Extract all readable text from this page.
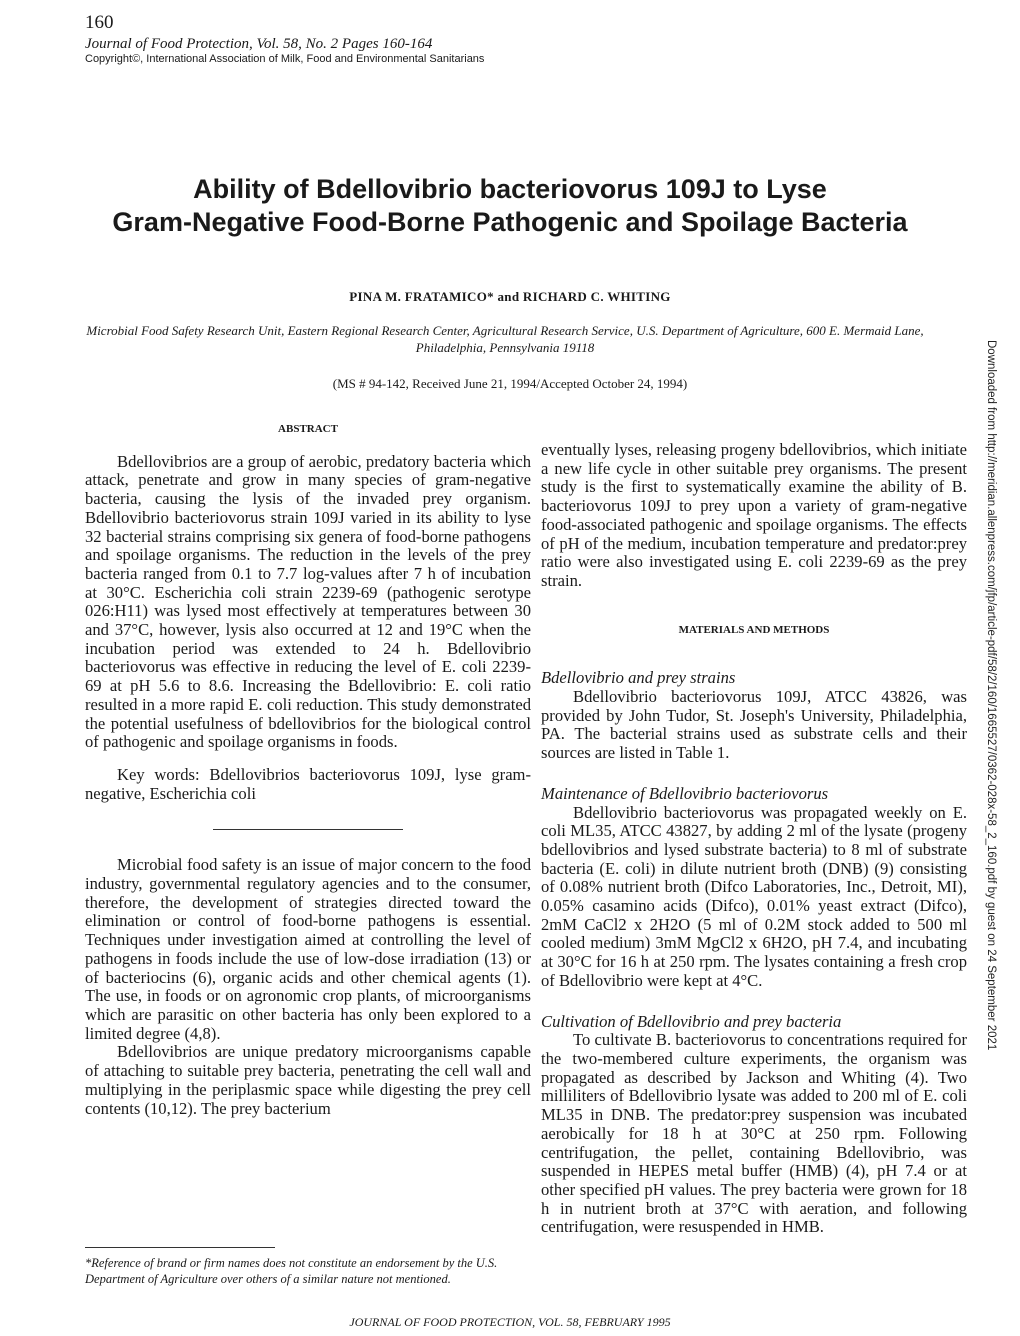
160
Journal of Food Protection, Vol. 58, No. 2 Pages 160-164
Copyright©, International Association of Milk, Food and Environmental Sanitarians
Ability of Bdellovibrio bacteriovorus 109J to Lyse
Gram-Negative Food-Borne Pathogenic and Spoilage Bacteria
PINA M. FRATAMICO* and RICHARD C. WHITING
Microbial Food Safety Research Unit, Eastern Regional Research Center, Agricultural Research Service, U.S. Department of Agriculture, 600 E. Mermaid Lane, Philadelphia, Pennsylvania 19118
(MS # 94-142, Received June 21, 1994/Accepted October 24, 1994)	Downloaded from http://meridian.allenpress.com/jfp/article-pdf/58/2/160/1665527/0362-028x-58_2_160.pdf by guest on 24 September 2021
ABSTRACT

Bdellovibrios are a group of aerobic, predatory bacteria which attack, penetrate and grow in many species of gram-negative bacteria, causing the lysis of the invaded prey organism. Bdellovibrio bacteriovorus strain 109J varied in its ability to lyse 32 bacterial strains comprising six genera of food-borne pathogens and spoilage organisms. The reduction in the levels of the prey bacteria ranged from 0.1 to 7.7 log-values after 7 h of incubation at 30°C. Escherichia coli strain 2239-69 (pathogenic serotype 026:H11) was lysed most effectively at temperatures between 30 and 37°C, however, lysis also occurred at 12 and 19°C when the incubation period was extended to 24 h. Bdellovibrio bacteriovorus was effective in reducing the level of E. coli 2239-69 at pH 5.6 to 8.6. Increasing the Bdellovibrio: E. coli ratio resulted in a more rapid E. coli reduction. This study demonstrated the potential usefulness of bdellovibrios for the biological control of pathogenic and spoilage organisms in foods.

Key words: Bdellovibrios bacteriovorus 109J, lyse gram-negative, Escherichia coli

Microbial food safety is an issue of major concern to the food industry, governmental regulatory agencies and to the consumer, therefore, the development of strategies directed toward the elimination or control of food-borne pathogens is essential. Techniques under investigation aimed at controlling the level of pathogens in foods include the use of low-dose irradiation (13) or of bacteriocins (6), organic acids and other chemical agents (1). The use, in foods or on agronomic crop plants, of microorganisms which are parasitic on other bacteria has only been explored to a limited degree (4,8).

Bdellovibrios are unique predatory microorganisms capable of attaching to suitable prey bacteria, penetrating the cell wall and multiplying in the periplasmic space while digesting the prey cell contents (10,12). The prey bacterium

*Reference of brand or firm names does not constitute an endorsement by the U.S. Department of Agriculture over others of a similar nature not mentioned.

eventually lyses, releasing progeny bdellovibrios, which initiate a new life cycle in other suitable prey organisms. The present study is the first to systematically examine the ability of B. bacteriovorus 109J to prey upon a variety of gram-negative food-associated pathogenic and spoilage organisms. The effects of pH of the medium, incubation temperature and predator:prey ratio were also investigated using E. coli 2239-69 as the prey strain.

MATERIALS AND METHODS
Bdellovibrio and prey strains

Bdellovibrio bacteriovorus 109J, ATCC 43826, was provided by John Tudor, St. Joseph's University, Philadelphia, PA. The bacterial strains used as substrate cells and their sources are listed in Table 1.

Maintenance of Bdellovibrio bacteriovorus

Bdellovibrio bacteriovorus was propagated weekly on E. coli ML35, ATCC 43827, by adding 2 ml of the lysate (progeny bdellovibrios and lysed substrate bacteria) to 8 ml of substrate bacteria (E. coli) in dilute nutrient broth (DNB) (9) consisting of 0.08% nutrient broth (Difco Laboratories, Inc., Detroit, MI), 0.05% casamino acids (Difco), 0.01% yeast extract (Difco), 2mM CaCl2 x 2H2O (5 ml of 0.2M stock added to 500 ml cooled medium) 3mM MgCl2 x 6H2O, pH 7.4, and incubating at 30°C for 16 h at 250 rpm. The lysates containing a fresh crop of Bdellovibrio were kept at 4°C.

Cultivation of Bdellovibrio and prey bacteria

To cultivate B. bacteriovorus to concentrations required for the two-membered culture experiments, the organism was propagated as described by Jackson and Whiting (4). Two milliliters of Bdellovibrio lysate was added to 200 ml of E. coli ML35 in DNB. The predator:prey suspension was incubated aerobically for 18 h at 30°C at 250 rpm. Following centrifugation, the pellet, containing Bdellovibrio, was suspended in HEPES metal buffer (HMB) (4), pH 7.4 or at other specified pH values. The prey bacteria were grown for 18 h in nutrient broth at 37°C with aeration, and following centrifugation, were resuspended in HMB.

JOURNAL OF FOOD PROTECTION, VOL. 58, FEBRUARY 1995
